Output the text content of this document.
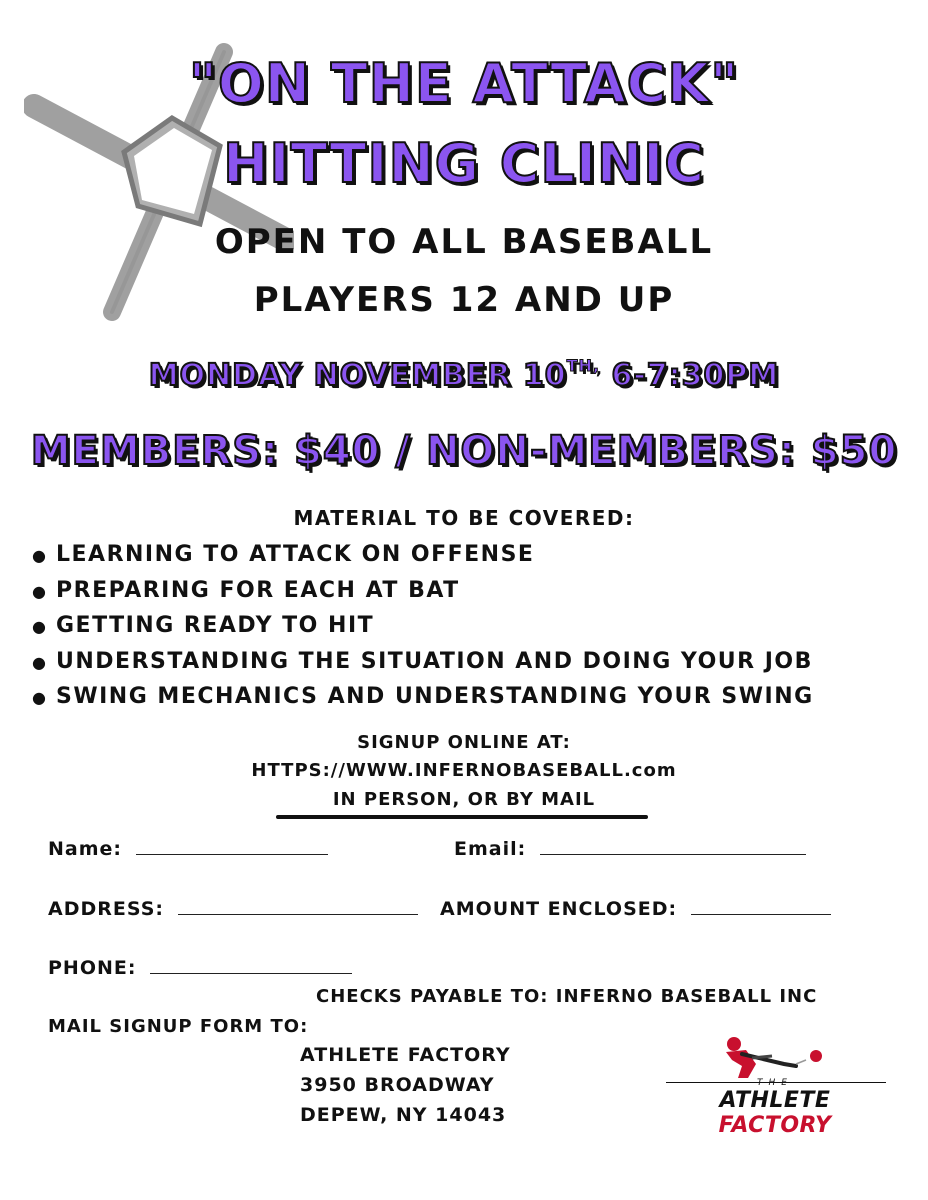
"ON THE ATTACK"
HITTING CLINIC
OPEN TO ALL BASEBALL
PLAYERS 12 AND UP
MONDAY NOVEMBER $10^{TH,}$ 6-7:30PM
MEMBERS: $40 / NON-MEMBERS: $50
MATERIAL TO BE COVERED:
● LEARNING TO ATTACK ON OFFENSE
● PREPARING FOR EACH AT BAT
● GETTING READY TO HIT
● UNDERSTANDING THE SITUATION AND DOING YOUR JOB
● SWING MECHANICS AND UNDERSTANDING YOUR SWING
SIGNUP ONLINE AT:
HTTPS://WWW.INFERNOBASEBALL.com
IN PERSON, OR BY MAIL
Name:	Email:
ADDRESS:	AMOUNT ENCLOSED:
PHONE:
CHECKS PAYABLE TO: INFERNO BASEBALL INC
MAIL SIGNUP FORM TO:
ATHLETE FACTORY
3950 BROADWAY
DEPEW, NY 14043
THE
ATHLETE FACTORY
